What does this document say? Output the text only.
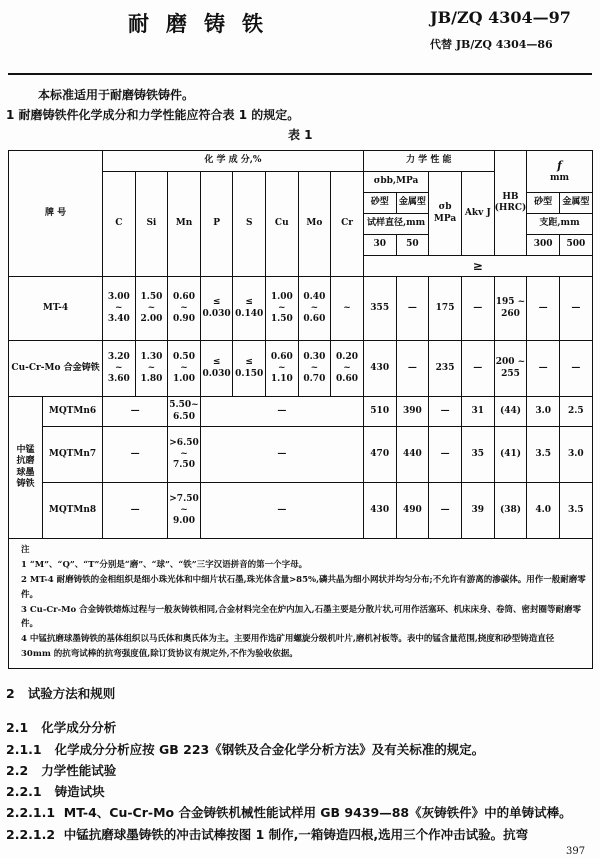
耐磨铸铁	JB/ZQ 4304—97
代替 JB/ZQ 4304—86
本标准适用于耐磨铸铁铸件。
1 耐磨铸铁件化学成分和力学性能应符合表 1 的规定。
表 1
牌 号		化 学 成 分,%								力 学 性 能				HB (HRC)	f
mm	

		C	Si	Mn	P	S	Cu	Mo	Cr	σbb,MPa		σb MPa	Akv J			
										砂型	金属型				砂型	金属型
										试样直径,mm					支距,mm	
										30	50				300	500
										≥						
MT-4		3.00 ~ 3.40	1.50 ~ 2.00	0.60 ~ 0.90	≤ 0.030	≤ 0.140	1.00 ~ 1.50	0.40 ~ 0.60	~	355	—	175	—	195 ~ 260	—	—
Cu-Cr-Mo 合金铸铁		3.20 ~ 3.60	1.30 ~ 1.80	0.50 ~ 1.00	≤ 0.030	≤ 0.150	0.60 ~ 1.10	0.30 ~ 0.70	0.20 ~ 0.60	430	—	235	—	200 ~ 255	—	—
中锰抗磨球墨铸铁	MQTMn6	—		5.50~ 6.50	—					510	390	—	31	(44)	3.0	2.5
	MQTMn7	—		>6.50 ~ 7.50	—					470	440	—	35	(41)	3.5	3.0
	MQTMn8	—		>7.50 ~ 9.00	—					430	490	—	39	(38)	4.0	3.5

注
1 “M”、“Q”、“T”分别是“磨”、“球”、“铁”三字汉语拼音的第一个字母。
2 MT-4 耐磨铸铁的金相组织是细小珠光体和中细片状石墨,珠光体含量>85%,磷共晶为细小网状并均匀分布;不允许有游离的渗碳体。用作一般耐磨零件。
3 Cu-Cr-Mo 合金铸铁熔炼过程与一般灰铸铁相同,合金材料完全在炉内加入,石墨主要是分散片状,可用作活塞环、机床床身、卷筒、密封圈等耐磨零件。
4 中锰抗磨球墨铸铁的基体组织以马氏体和奥氏体为主。主要用作选矿用螺旋分级机叶片,磨机衬板等。表中的锰含量范围,挠度和砂型铸造直径 30mm 的抗弯试棒的抗弯强度值,除订货协议有规定外,不作为验收依据。																
2 试验方法和规则
2.1 化学成分分析
2.1.1 化学成分分析应按 GB 223《钢铁及合金化学分析方法》及有关标准的规定。
2.2 力学性能试验
2.2.1 铸造试块
2.2.1.1 MT-4、Cu-Cr-Mo 合金铸铁机械性能试样用 GB 9439—88《灰铸铁件》中的单铸试棒。
2.2.1.2 中锰抗磨球墨铸铁的冲击试棒按图 1 制作,一箱铸造四根,选用三个作冲击试验。抗弯
397
